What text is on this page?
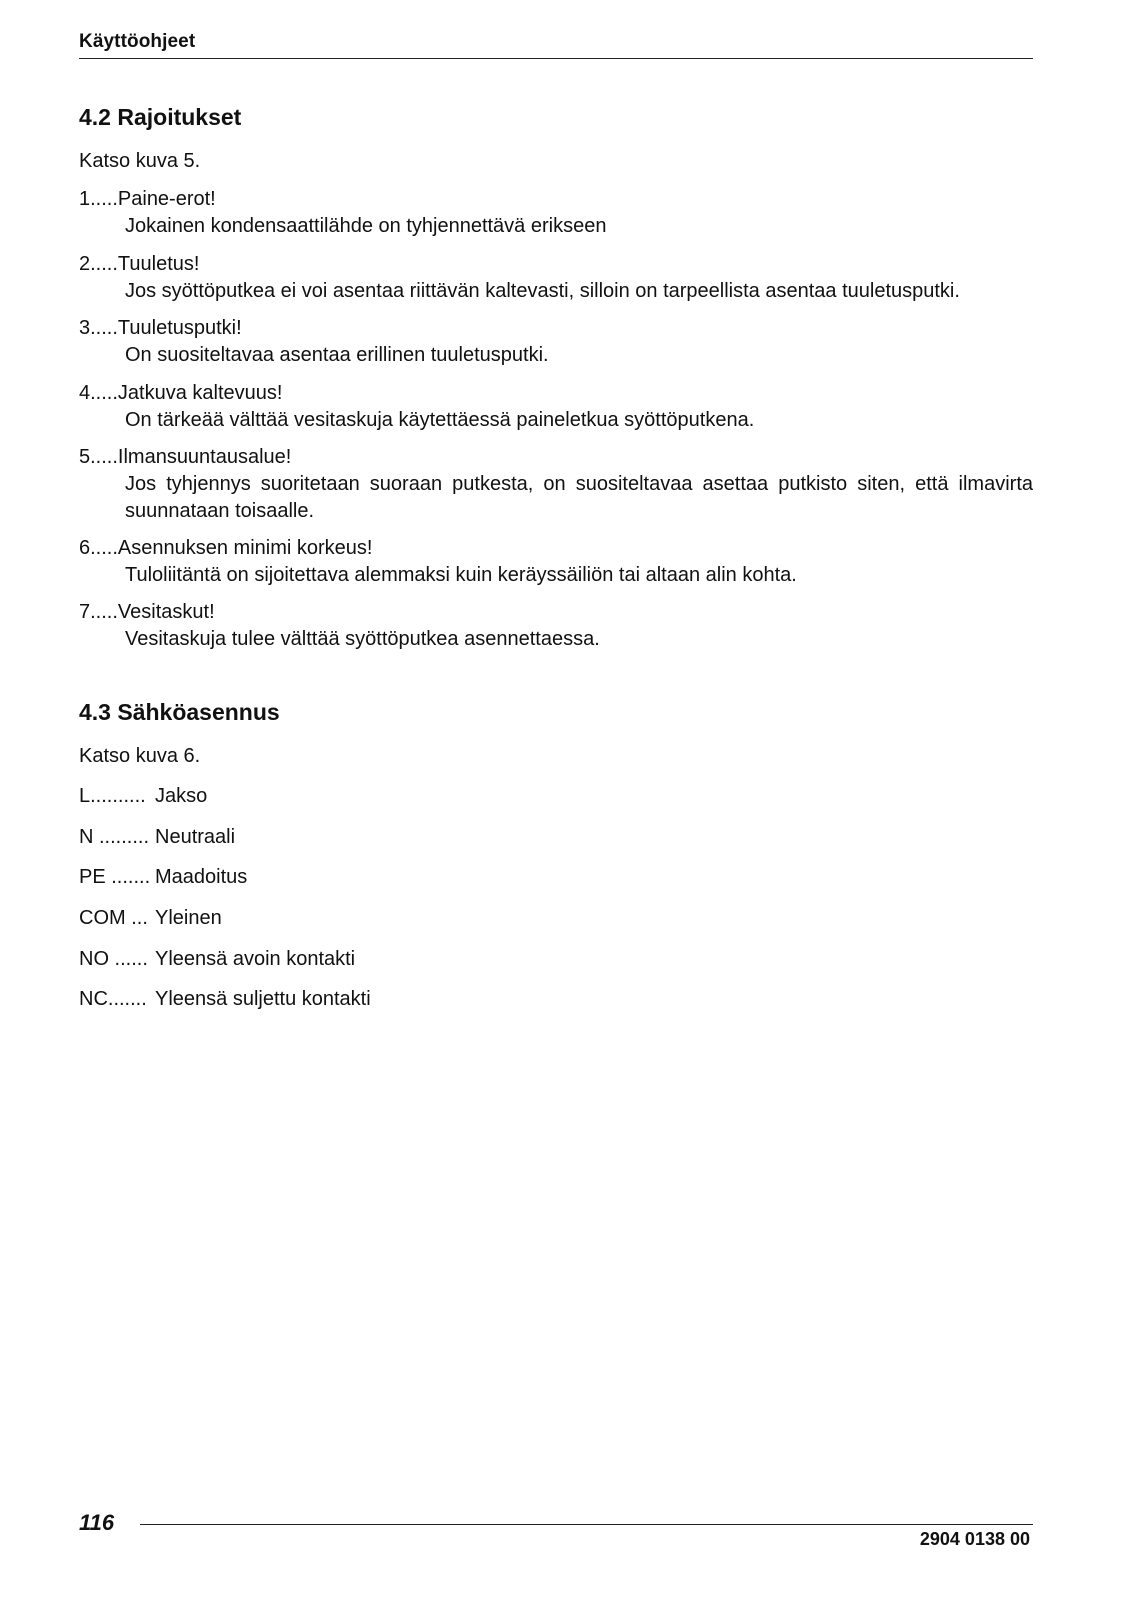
Käyttöohjeet
4.2 Rajoitukset
Katso kuva 5.
1.....Paine-erot!
Jokainen kondensaattilähde on tyhjennettävä erikseen
2.....Tuuletus!
Jos syöttöputkea ei voi asentaa riittävän kaltevasti, silloin on tarpeellista asentaa tuuletusputki.
3.....Tuuletusputki!
On suositeltavaa asentaa erillinen tuuletusputki.
4.....Jatkuva kaltevuus!
On tärkeää välttää vesitaskuja käytettäessä paineletkua syöttöputkena.
5.....Ilmansuuntausalue!
Jos tyhjennys suoritetaan suoraan putkesta, on suositeltavaa asettaa putkisto siten, että ilmavirta suunnataan toisaalle.
6.....Asennuksen minimi korkeus!
Tuloliitäntä on sijoitettava alemmaksi kuin keräyssäiliön tai altaan alin kohta.
7.....Vesitaskut!
Vesitaskuja tulee välttää syöttöputkea asennettaessa.
4.3 Sähköasennus
Katso kuva 6.
L.......... Jakso
N ......... Neutraali
PE ....... Maadoitus
COM ... Yleinen
NO ...... Yleensä avoin kontakti
NC....... Yleensä suljettu kontakti
116
2904 0138 00
